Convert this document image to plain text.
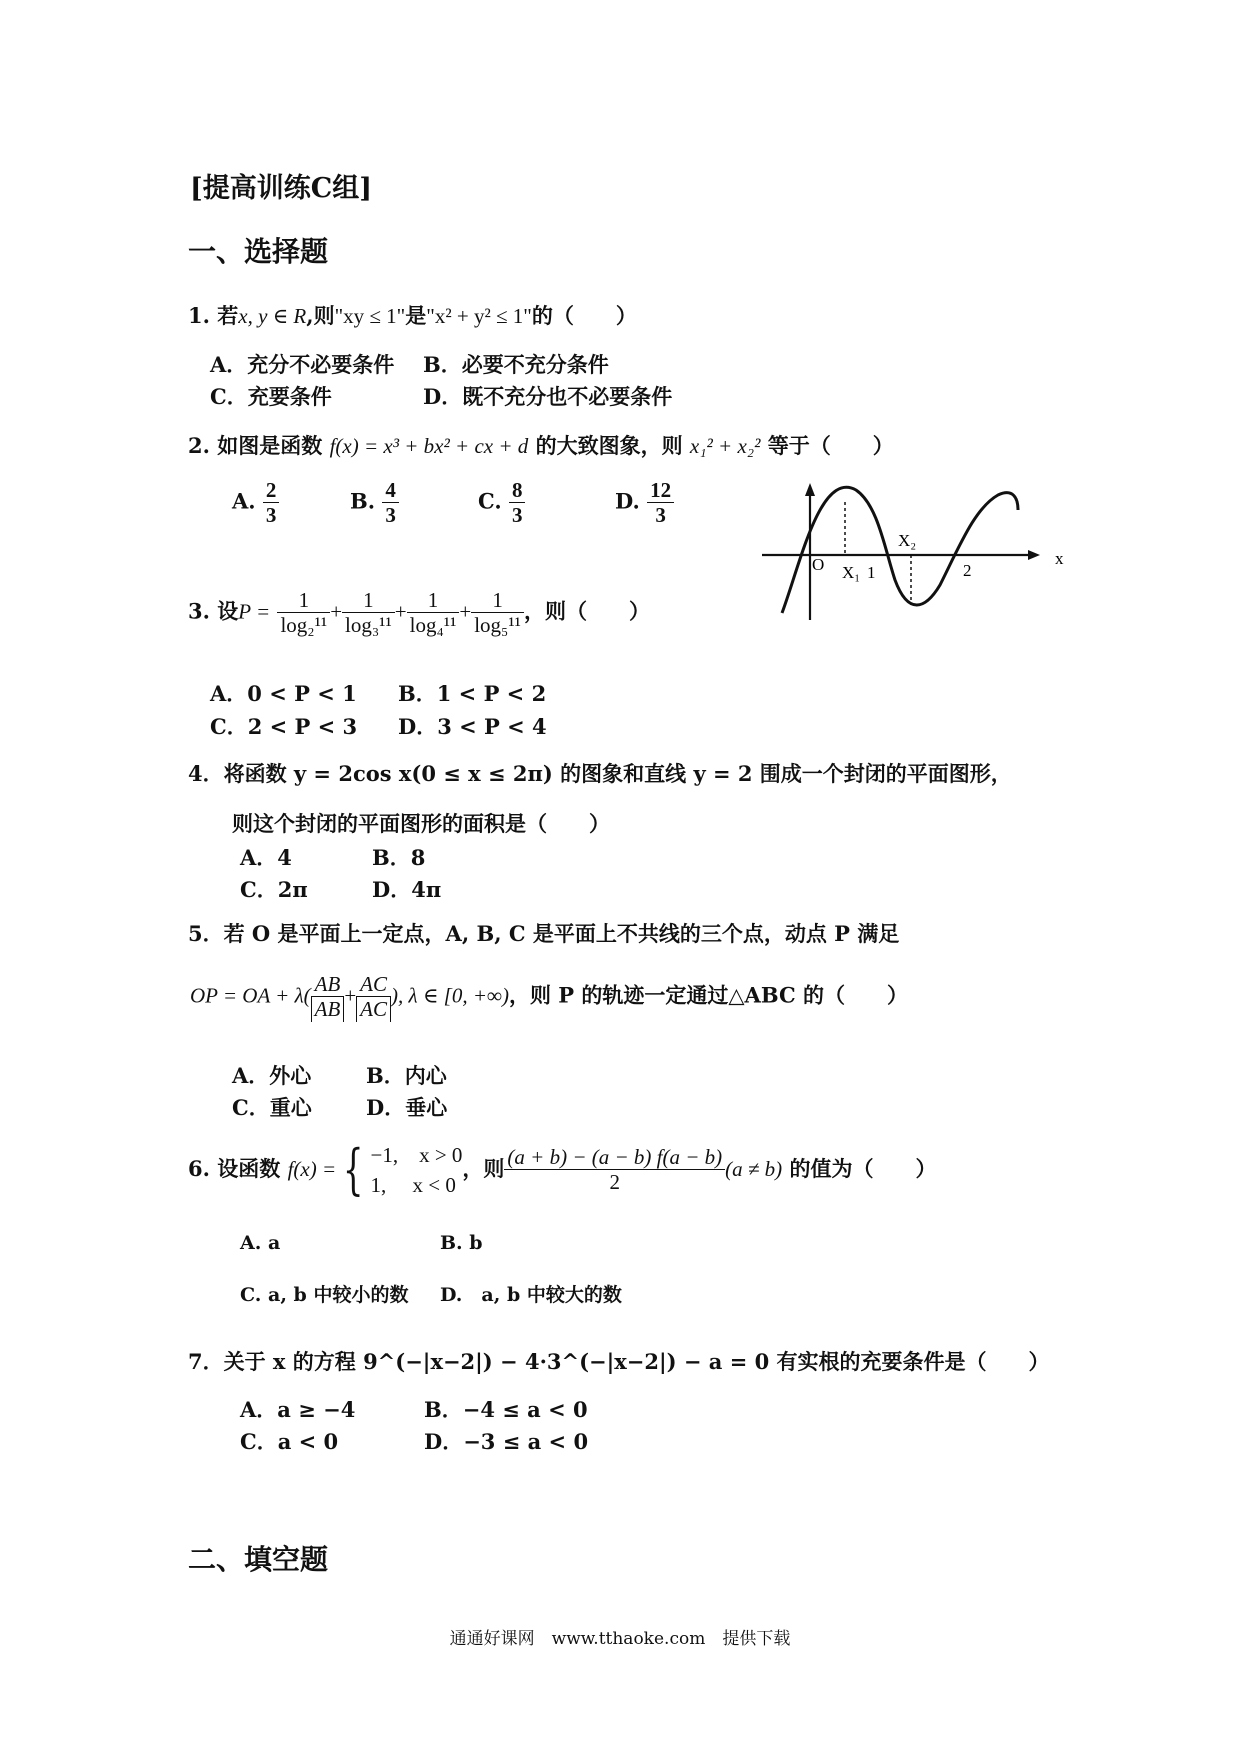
[提高训练C组]
一、选择题
1. 若x, y ∈ R,则"xy ≤ 1"是"x² + y² ≤ 1"的（　　）
A．充分不必要条件 B．必要不充分条件
C．充要条件	D．既不充分也不必要条件
2. 如图是函数 f(x) = x³ + bx² + cx + d 的大致图象，则 x₁² + x₂² 等于（　　）
A. $\frac{2}{3}$	B. $\frac{4}{3}$	C. $\frac{8}{3}$	D. $\frac{12}{3}$
x
O X₁ 1
X₂
2
3. 设$P = \frac{1}{\text{log₂¹¹}} + \frac{1}{\text{log₃¹¹}} + \frac{1}{\text{log₄¹¹}} + \frac{1}{\text{log₅¹¹}}$ ，则（　　）
A．0 < P < 1 B．1 < P < 2
C．2 < P < 3 D．3 < P < 4
4．将函数 y = 2cos x(0 ≤ x ≤ 2π) 的图象和直线 y = 2 围成一个封闭的平面图形，
则这个封闭的平面图形的面积是（　　）
A．4	B．8
C．2π	D．4π
5．若 O 是平面上一定点，A, B, C 是平面上不共线的三个点，动点 P 满足
OP = OA + $\lambda( \frac{AB}{AB} + \frac{AC}{AC}$ ), λ ∈ [0, +∞)，则 P 的轨迹一定通过△ABC 的（　　）
A．外心	B．内心
C．重心	D．垂心
6. 设函数 f(x) = { −1,　x > 0
1,　 x < 0
，则 $\frac{(a + b) - (a - b) f(a - b)}{2} (a \ne b)$ 的值为（　　）
A. a	B. b
C. a, b 中较小的数 D.　a, b 中较大的数
7．关于 x 的方程 9^(−|x−2|) − 4·3^(−|x−2|) − a = 0 有实根的充要条件是（　　）
A．a ≥ −4	B．−4 ≤ a < 0
C．a < 0	D．−3 ≤ a < 0
二、填空题
通通好课网　www.tthaoke.com　提供下载
